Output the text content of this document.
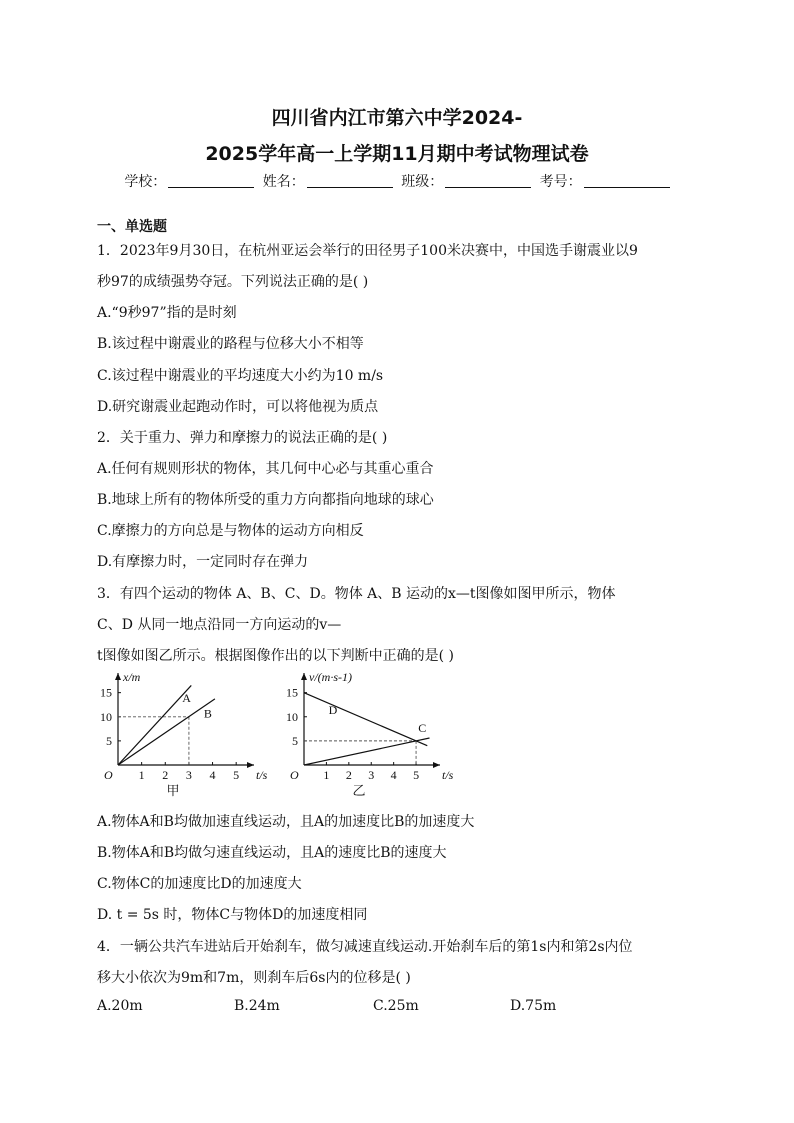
四川省内江市第六中学2024-
2025学年高一上学期11月期中考试物理试卷
学校：	姓名：	班级：	考号：
一、单选题
1．2023年9月30日，在杭州亚运会举行的田径男子100米决赛中，中国选手谢震业以9
秒97的成绩强势夺冠。下列说法正确的是( )
A.“9秒97”指的是时刻
B.该过程中谢震业的路程与位移大小不相等
C.该过程中谢震业的平均速度大小约为10 m/s
D.研究谢震业起跑动作时，可以将他视为质点
2．关于重力、弹力和摩擦力的说法正确的是( )
A.任何有规则形状的物体，其几何中心必与其重心重合
B.地球上所有的物体所受的重力方向都指向地球的球心
C.摩擦力的方向总是与物体的运动方向相反
D.有摩擦力时，一定同时存在弹力
3．有四个运动的物体 A、B、C、D。物体 A、B 运动的x—t图像如图甲所示，物体
C、D 从同一地点沿同一方向运动的v—
t图像如图乙所示。根据图像作出的以下判断中正确的是( )
1 2 3 4 5
5
10
15
O	t/s
x/m
A
B
甲
1 2 3 4 5
5
10
15
O	t/s
v/(m·s-1)
D
C
乙
A.物体A和B均做加速直线运动，且A的加速度比B的加速度大
B.物体A和B均做匀速直线运动，且A的速度比B的速度大
C.物体C的加速度比D的加速度大
D. t = 5s 时，物体C与物体D的加速度相同
4．一辆公共汽车进站后开始刹车，做匀减速直线运动.开始刹车后的第1s内和第2s内位
移大小依次为9m和7m，则刹车后6s内的位移是( )
A.20m	B.24m	C.25m	D.75m
